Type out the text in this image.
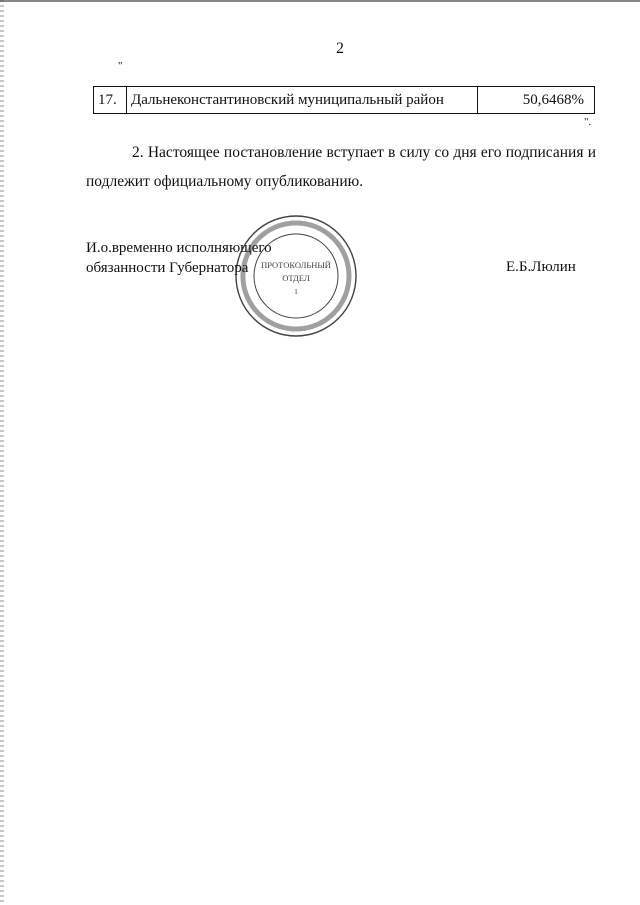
2
"
17.	Дальнеконстантиновский муниципальный район	50,6468%
".

2. Настоящее постановление вступает в силу со дня его подписания и подлежит официальному опубликованию.

И.о.временно исполняющего
обязанности Губернатора	Е.Б.Люлин
ПРОТОКОЛЬНЫЙ
ОТДЕЛ
1
